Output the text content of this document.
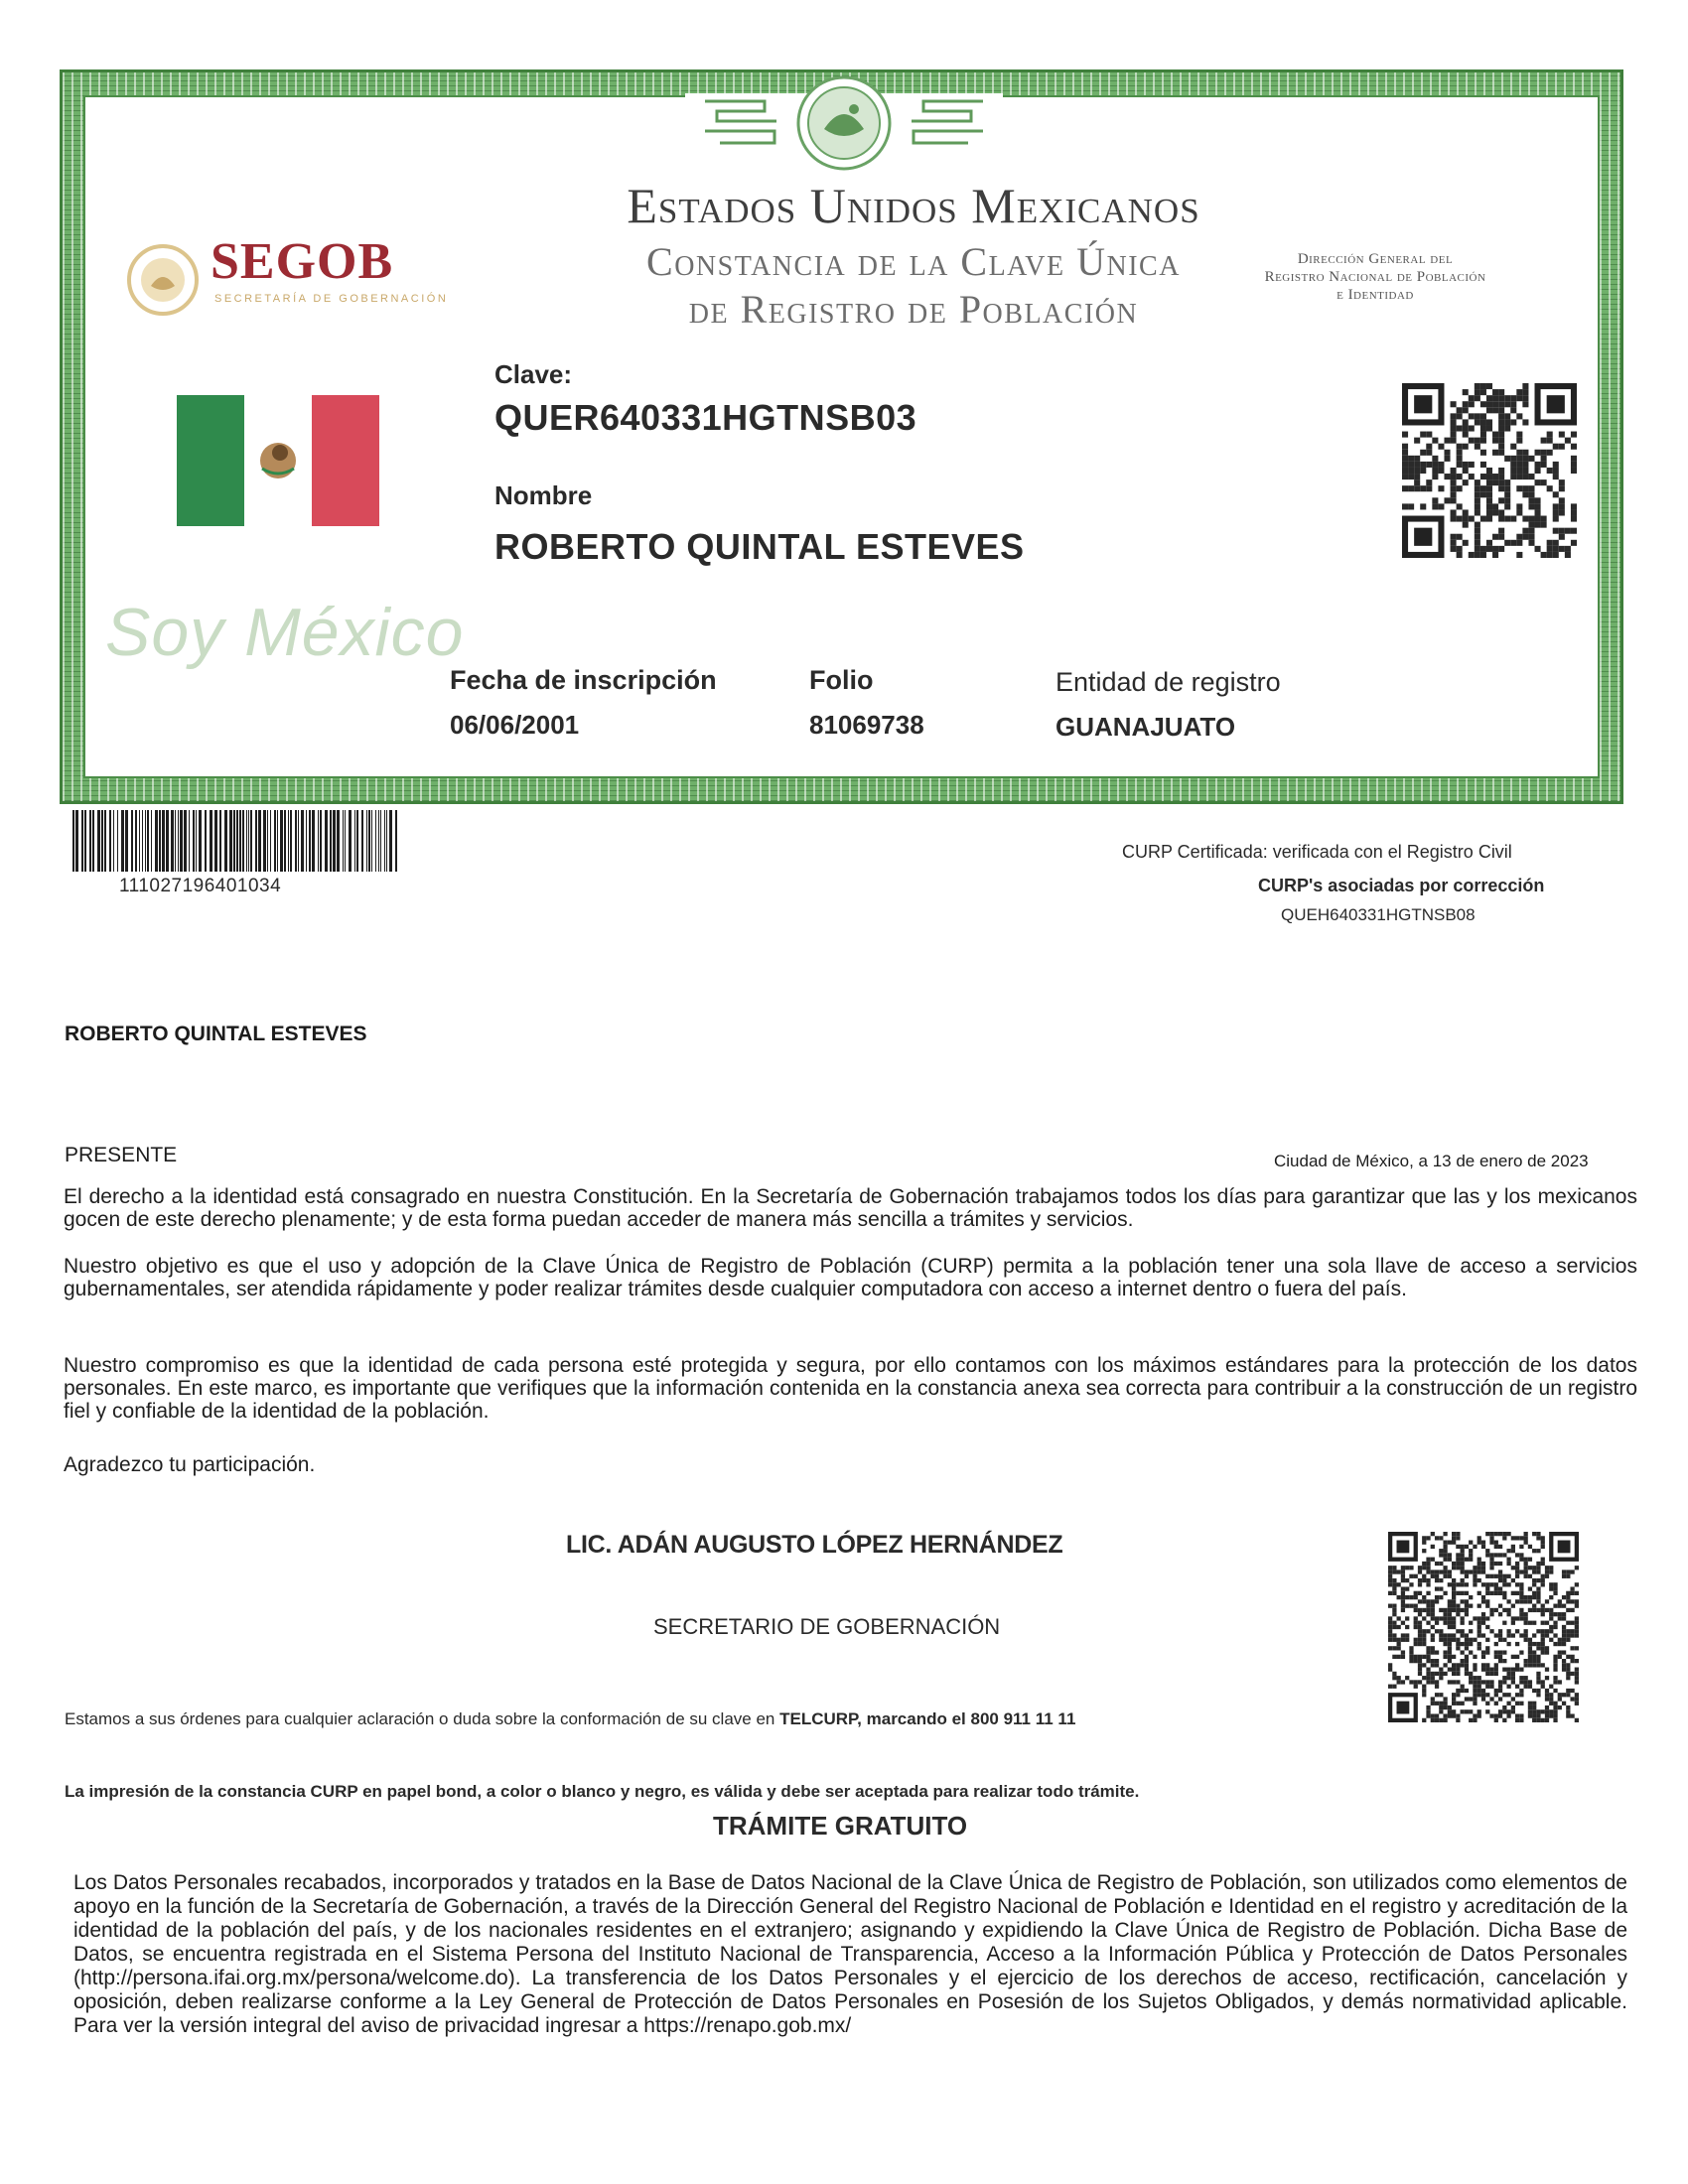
SEGOB
SECRETARÍA DE GOBERNACIÓN
Estados Unidos Mexicanos
Constancia de la Clave Única
de Registro de Población
Dirección General del
Registro Nacional de Población
e Identidad
Soy México
Clave:
QUER640331HGTNSB03
Nombre
ROBERTO QUINTAL ESTEVES
Fecha de inscripción
06/06/2001
Folio
81069738
Entidad de registro
GUANAJUATO
111027196401034
CURP Certificada: verificada con el Registro Civil
CURP's asociadas por corrección
QUEH640331HGTNSB08
ROBERTO QUINTAL ESTEVES
PRESENTE	Ciudad de México, a 13 de enero de 2023
El derecho a la identidad está consagrado en nuestra Constitución. En la Secretaría de Gobernación trabajamos todos los días para garantizar que las y los mexicanos gocen de este derecho plenamente; y de esta forma puedan acceder de manera más sencilla a trámites y servicios.
Nuestro objetivo es que el uso y adopción de la Clave Única de Registro de Población (CURP) permita a la población tener una sola llave de acceso a servicios gubernamentales, ser atendida rápidamente y poder realizar trámites desde cualquier computadora con acceso a internet dentro o fuera del país.
Nuestro compromiso es que la identidad de cada persona esté protegida y segura, por ello contamos con los máximos estándares para la protección de los datos personales. En este marco, es importante que verifiques que la información contenida en la constancia anexa sea correcta para contribuir a la construcción de un registro fiel y confiable de la identidad de la población.
Agradezco tu participación.
LIC. ADÁN AUGUSTO LÓPEZ HERNÁNDEZ
SECRETARIO DE GOBERNACIÓN
Estamos a sus órdenes para cualquier aclaración o duda sobre la conformación de su clave en TELCURP, marcando el 800 911 11 11
La impresión de la constancia CURP en papel bond, a color o blanco y negro, es válida y debe ser aceptada para realizar todo trámite.
TRÁMITE GRATUITO
Los Datos Personales recabados, incorporados y tratados en la Base de Datos Nacional de la Clave Única de Registro de Población, son utilizados como elementos de apoyo en la función de la Secretaría de Gobernación, a través de la Dirección General del Registro Nacional de Población e Identidad en el registro y acreditación de la identidad de la población del país, y de los nacionales residentes en el extranjero; asignando y expidiendo la Clave Única de Registro de Población. Dicha Base de Datos, se encuentra registrada en el Sistema Persona del Instituto Nacional de Transparencia, Acceso a la Información Pública y Protección de Datos Personales (http://persona.ifai.org.mx/persona/welcome.do). La transferencia de los Datos Personales y el ejercicio de los derechos de acceso, rectificación, cancelación y oposición, deben realizarse conforme a la Ley General de Protección de Datos Personales en Posesión de los Sujetos Obligados, y demás normatividad aplicable. Para ver la versión integral del aviso de privacidad ingresar a https://renapo.gob.mx/
